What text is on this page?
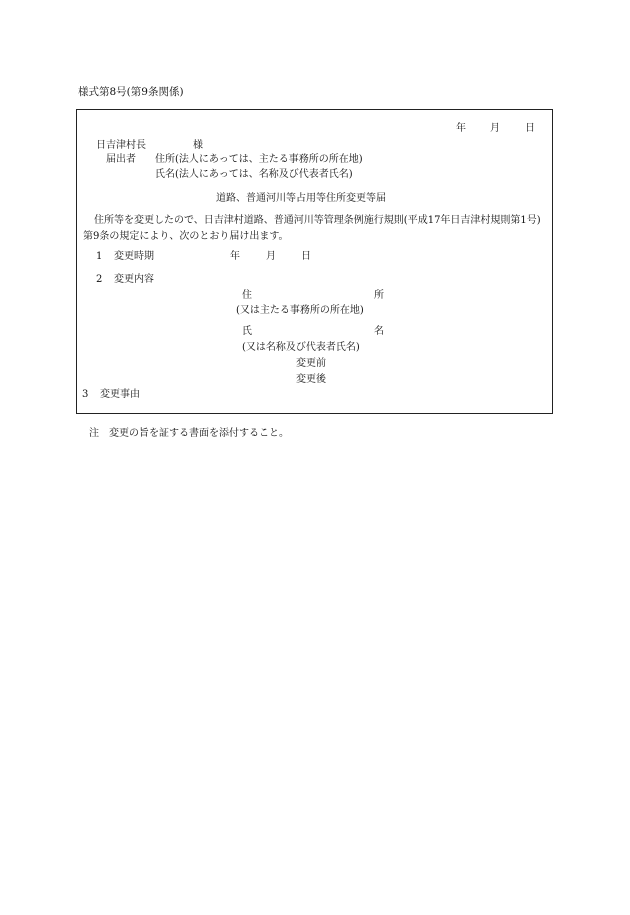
様式第8号(第9条関係)
年 月	日
日吉津村長	様
届出者 住所(法人にあっては、主たる事務所の所在地)
氏名(法人にあっては、名称及び代表者氏名)
道路、普通河川等占用等住所変更等届
住所等を変更したので、日吉津村道路、普通河川等管理条例施行規則(平成17年日吉津村規則第1号)第9条の規定により、次のとおり届け出ます。
1 変更時期	年	月	日
2 変更内容
住	所
(又は主たる事務所の所在地)
氏	名
(又は名称及び代表者氏名)
変更前
変更後
3 変更事由
注　変更の旨を証する書面を添付すること。
